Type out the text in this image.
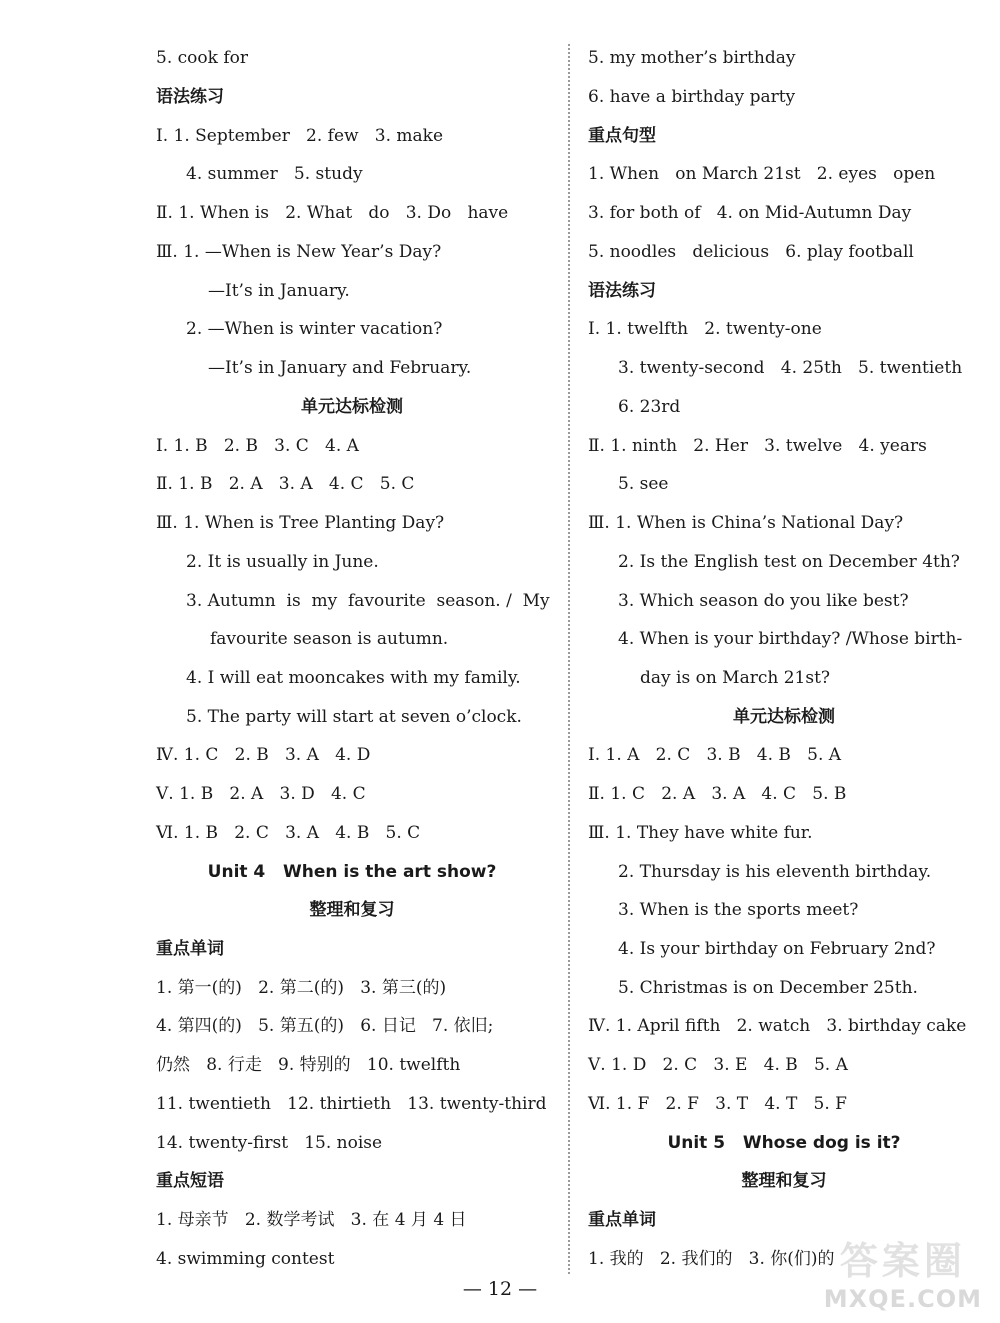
5. cook for
语法练习
Ⅰ. 1. September   2. few   3. make
4. summer   5. study
Ⅱ. 1. When is   2. What   do   3. Do   have
Ⅲ. 1. —When is New Year’s Day?
—It’s in January.
2. —When is winter vacation?
—It’s in January and February.
单元达标检测
Ⅰ. 1. B   2. B   3. C   4. A
Ⅱ. 1. B   2. A   3. A   4. C   5. C
Ⅲ. 1. When is Tree Planting Day?
2. It is usually in June.
3. Autumn  is  my  favourite  season. /  My
favourite season is autumn.
4. I will eat mooncakes with my family.
5. The party will start at seven o’clock.
Ⅳ. 1. C   2. B   3. A   4. D
Ⅴ. 1. B   2. A   3. D   4. C
Ⅵ. 1. B   2. C   3. A   4. B   5. C
Unit 4   When is the art show?
整理和复习
重点单词
1. 第一(的)   2. 第二(的)   3. 第三(的)
4. 第四(的)   5. 第五(的)   6. 日记   7. 依旧;
仍然   8. 行走   9. 特别的   10. twelfth
11. twentieth   12. thirtieth   13. twenty-third
14. twenty-first   15. noise
重点短语
1. 母亲节   2. 数学考试   3. 在 4 月 4 日
4. swimming contest
5. my mother’s birthday
6. have a birthday party
重点句型
1. When   on March 21st   2. eyes   open
3. for both of   4. on Mid-Autumn Day
5. noodles   delicious   6. play football
语法练习
Ⅰ. 1. twelfth   2. twenty-one
3. twenty-second   4. 25th   5. twentieth
6. 23rd
Ⅱ. 1. ninth   2. Her   3. twelve   4. years
5. see
Ⅲ. 1. When is China’s National Day?
2. Is the English test on December 4th?
3. Which season do you like best?
4. When is your birthday? /Whose birth-
day is on March 21st?
单元达标检测
Ⅰ. 1. A   2. C   3. B   4. B   5. A
Ⅱ. 1. C   2. A   3. A   4. C   5. B
Ⅲ. 1. They have white fur.
2. Thursday is his eleventh birthday.
3. When is the sports meet?
4. Is your birthday on February 2nd?
5. Christmas is on December 25th.
Ⅳ. 1. April fifth   2. watch   3. birthday cake
Ⅴ. 1. D   2. C   3. E   4. B   5. A
Ⅵ. 1. F   2. F   3. T   4. T   5. F
Unit 5   Whose dog is it?
整理和复习
重点单词
1. 我的   2. 我们的   3. 你(们)的
— 12 —
答案圈
MXQE.COM
